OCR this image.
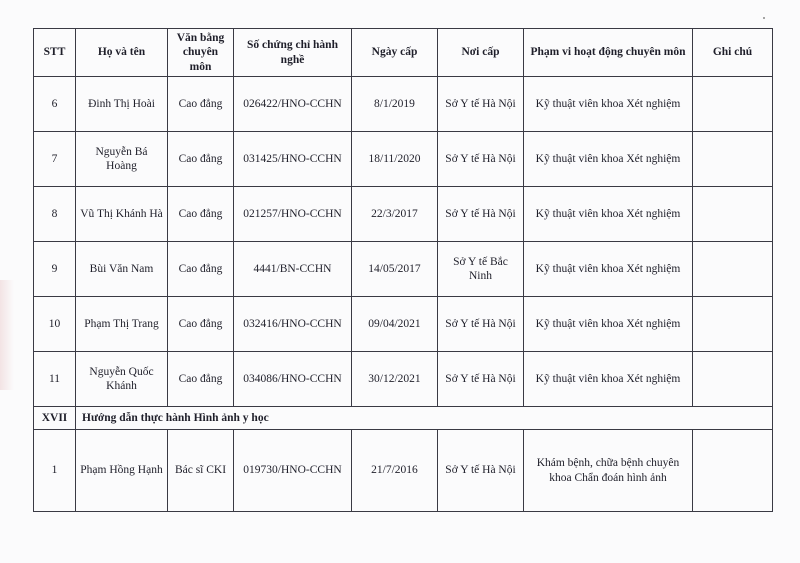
STT	Họ và tên	Văn bằng chuyên môn	Số chứng chỉ hành nghề	Ngày cấp	Nơi cấp	Phạm vi hoạt động chuyên môn	Ghi chú
6	Đinh Thị Hoài	Cao đẳng	026422/HNO-CCHN	8/1/2019	Sở Y tế Hà Nội	Kỹ thuật viên khoa Xét nghiệm	
7	Nguyễn Bá Hoàng	Cao đẳng	031425/HNO-CCHN	18/11/2020	Sở Y tế Hà Nội	Kỹ thuật viên khoa Xét nghiệm	
8	Vũ Thị Khánh Hà	Cao đẳng	021257/HNO-CCHN	22/3/2017	Sở Y tế Hà Nội	Kỹ thuật viên khoa Xét nghiệm	
9	Bùi Văn Nam	Cao đẳng	4441/BN-CCHN	14/05/2017	Sở Y tế Bắc Ninh	Kỹ thuật viên khoa Xét nghiệm	
10	Phạm Thị Trang	Cao đẳng	032416/HNO-CCHN	09/04/2021	Sở Y tế Hà Nội	Kỹ thuật viên khoa Xét nghiệm	
11	Nguyễn Quốc Khánh	Cao đẳng	034086/HNO-CCHN	30/12/2021	Sở Y tế Hà Nội	Kỹ thuật viên khoa Xét nghiệm	
XVII	Hướng dẫn thực hành Hình ảnh y học						
1	Phạm Hồng Hạnh	Bác sĩ CKI	019730/HNO-CCHN	21/7/2016	Sở Y tế Hà Nội	Khám bệnh, chữa bệnh chuyên khoa Chẩn đoán hình ảnh	
